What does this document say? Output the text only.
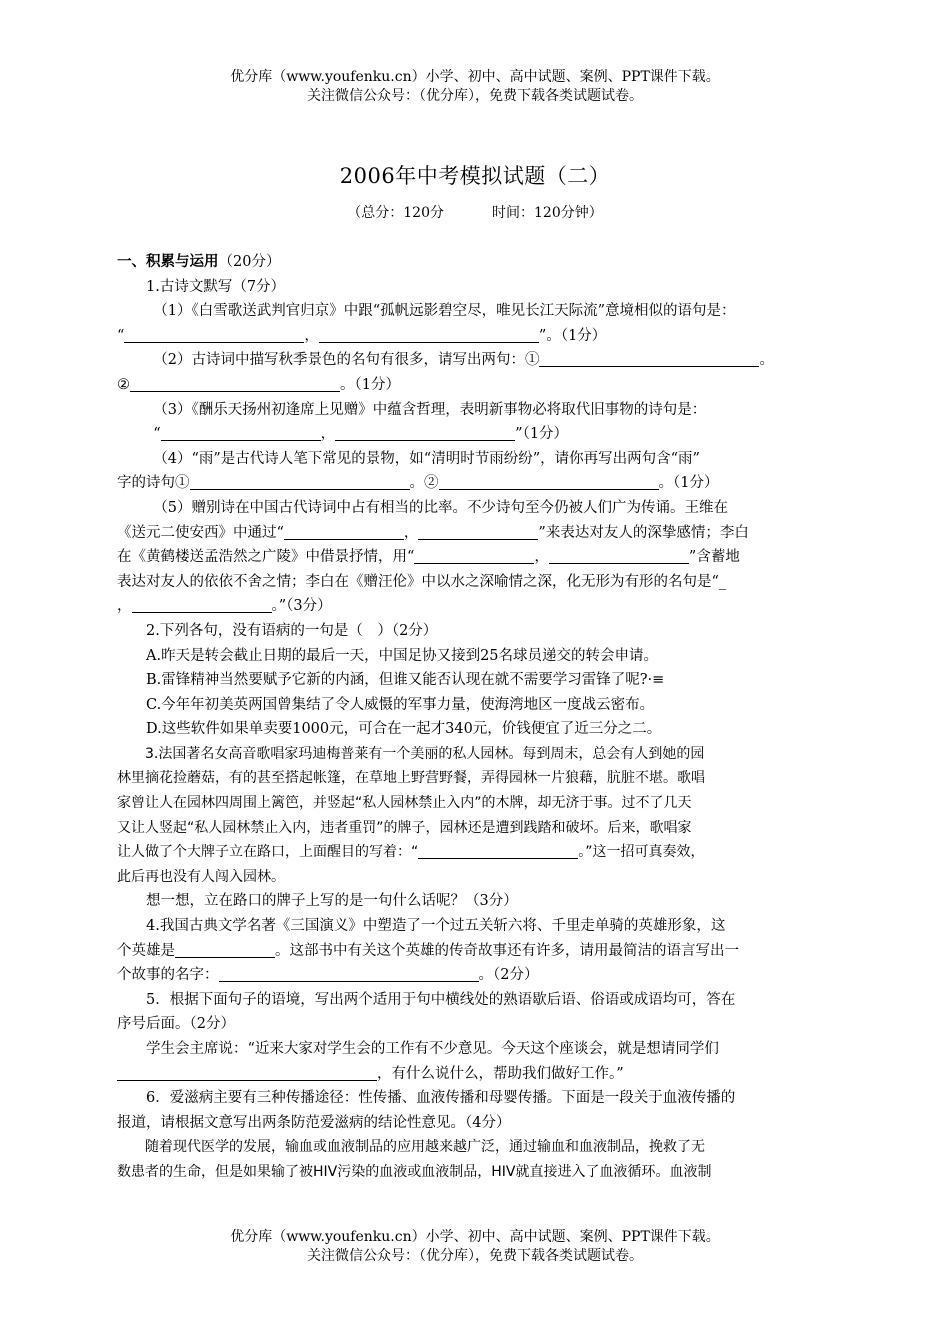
优分库（www.youfenku.cn）小学、初中、高中试题、案例、PPT课件下载。
关注微信公众号：（优分库），免费下载各类试题试卷。
2006年中考模拟试题（二）
（总分：120分	时间：120分钟）

一、积累与运用（20分）

1.古诗文默写（7分）

（1）《白雪歌送武判官归京》中跟“孤帆远影碧空尽，唯见长江天际流”意境相似的语句是：

“	，	”。（1分）

（2）古诗词中描写秋季景色的名句有很多，请写出两句：①	。

②	。（1分）

（3）《酬乐天扬州初逢席上见赠》中蕴含哲理，表明新事物必将取代旧事物的诗句是：

“	，	”（1分）

（4）“雨”是古代诗人笔下常见的景物，如“清明时节雨纷纷”，请你再写出两句含“雨”

字的诗句①	。②	。（1分）

（5）赠别诗在中国古代诗词中占有相当的比率。不少诗句至今仍被人们广为传诵。王维在

《送元二使安西》中通过“	，	”来表达对友人的深挚感情；李白

在《黄鹤楼送孟浩然之广陵》中借景抒情，用“	，	”含蓄地

表达对友人的依依不舍之情；李白在《赠汪伦》中以水之深喻情之深，化无形为有形的名句是“_

，	。”（3分）

2.下列各句，没有语病的一句是（　）（2分）

A.昨天是转会截止日期的最后一天，中国足协又接到25名球员递交的转会申请。

B.雷锋精神当然要赋予它新的内涵，但谁又能否认现在就不需要学习雷锋了呢?·≡

C.今年年初美英两国曾集结了令人威慑的军事力量，使海湾地区一度战云密布。

D.这些软件如果单卖要1000元，可合在一起才340元，价钱便宜了近三分之二。

3.法国著名女高音歌唱家玛迪梅普莱有一个美丽的私人园林。每到周末，总会有人到她的园

林里摘花捡蘑菇，有的甚至搭起帐篷，在草地上野营野餐，弄得园林一片狼藉，肮脏不堪。歌唱

家曾让人在园林四周围上篱笆，并竖起“私人园林禁止入内”的木牌，却无济于事。过不了几天

又让人竖起“私人园林禁止入内，违者重罚”的牌子，园林还是遭到践踏和破坏。后来，歌唱家

让人做了个大牌子立在路口，上面醒目的写着：“	。”这一招可真奏效，

此后再也没有人闯入园林。

想一想，立在路口的牌子上写的是一句什么话呢？（3分）

4.我国古典文学名著《三国演义》中塑造了一个过五关斩六将、千里走单骑的英雄形象，这

个英雄是	。这部书中有关这个英雄的传奇故事还有许多，请用最简洁的语言写出一

个故事的名字：	。（2分）

5．根据下面句子的语境，写出两个适用于句中横线处的熟语歇后语、俗语或成语均可，答在

序号后面。（2分）

学生会主席说：“近来大家对学生会的工作有不少意见。今天这个座谈会，就是想请同学们

，有什么说什么，帮助我们做好工作。”

6．爱滋病主要有三种传播途径：性传播、血液传播和母婴传播。下面是一段关于血液传播的

报道，请根据文意写出两条防范爱滋病的结论性意见。（4分）

随着现代医学的发展，输血或血液制品的应用越来越广泛，通过输血和血液制品，挽救了无

数患者的生命，但是如果输了被HIV污染的血液或血液制品，HIV就直接进入了血液循环。血液制

优分库（www.youfenku.cn）小学、初中、高中试题、案例、PPT课件下载。
关注微信公众号：（优分库），免费下载各类试题试卷。
